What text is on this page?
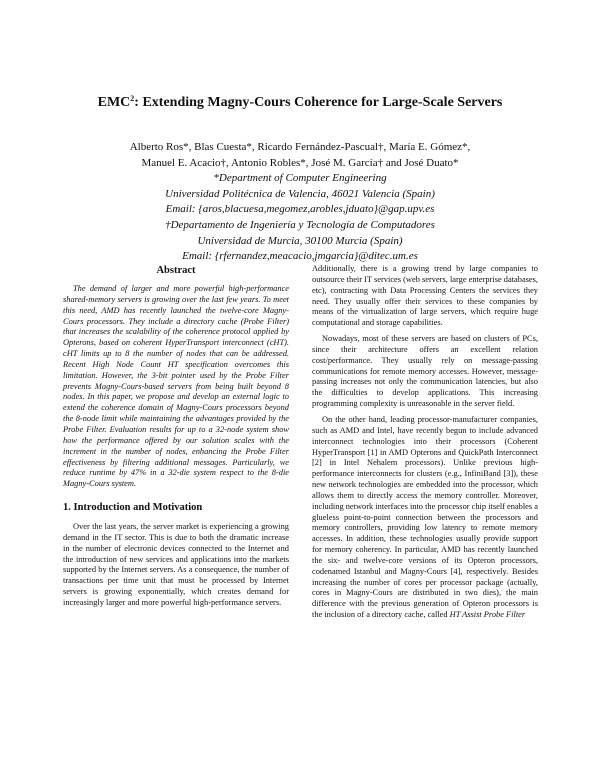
EMC$^2$: Extending Magny-Cours Coherence for Large-Scale Servers
Alberto Ros*, Blas Cuesta*, Ricardo Fernández-Pascual†, María E. Gómez*,
Manuel E. Acacio†, Antonio Robles*, José M. García† and José Duato*
*Department of Computer Engineering
Universidad Politécnica de Valencia, 46021 Valencia (Spain)
Email: {aros,blacuesa,megomez,arobles,jduato}@gap.upv.es
†Departamento de Ingeniería y Tecnología de Computadores
Universidad de Murcia, 30100 Murcia (Spain)
Email: {rfernandez,meacacio,jmgarcia}@ditec.um.es
Abstract

The demand of larger and more powerful high-performance shared-memory servers is growing over the last few years. To meet this need, AMD has recently launched the twelve-core Magny-Cours processors. They include a directory cache (Probe Filter) that increases the scalability of the coherence protocol applied by Opterons, based on coherent HyperTransport interconnect (cHT). cHT limits up to 8 the number of nodes that can be addressed. Recent High Node Count HT specification overcomes this limitation. However, the 3-bit pointer used by the Probe Filter prevents Magny-Cours-based servers from being built beyond 8 nodes. In this paper, we propose and develop an external logic to extend the coherence domain of Magny-Cours processors beyond the 8-node limit while maintaining the advantages provided by the Probe Filter. Evaluation results for up to a 32-node system show how the performance offered by our solution scales with the increment in the number of nodes, enhancing the Probe Filter effectiveness by filtering additional messages. Particularly, we reduce runtime by 47% in a 32-die system respect to the 8-die Magny-Cours system.

1. Introduction and Motivation

Over the last years, the server market is experiencing a growing demand in the IT sector. This is due to both the dramatic increase in the number of electronic devices connected to the Internet and the introduction of new services and applications into the markets supported by the Internet servers. As a consequence, the number of transactions per time unit that must be processed by Internet servers is growing exponentially, which creates demand for increasingly larger and more powerful high-performance servers.

Additionally, there is a growing trend by large companies to outsource their IT services (web servers, large enterprise databases, etc), contracting with Data Processing Centers the services they need. They usually offer their services to these companies by means of the virtualization of large servers, which require huge computational and storage capabilities.

Nowadays, most of these servers are based on clusters of PCs, since their architecture offers an excellent relation cost/performance. They usually rely on message-passing communications for remote memory accesses. However, message-passing increases not only the communication latencies, but also the difficulties to develop applications. This increasing programming complexity is unreasonable in the server field.

On the other hand, leading processor-manufacturer companies, such as AMD and Intel, have recently begun to include advanced interconnect technologies into their processors (Coherent HyperTransport [1] in AMD Opterons and QuickPath Interconnect [2] in Intel Nehalem processors). Unlike previous high-performance interconnects for clusters (e.g., InfiniBand [3]), these new network technologies are embedded into the processor, which allows them to directly access the memory controller. Moreover, including network interfaces into the processor chip itself enables a glueless point-to-point connection between the processors and memory controllers, providing low latency to remote memory accesses. In addition, these technologies usually provide support for memory coherency. In particular, AMD has recently launched the six- and twelve-core versions of its Opteron processors, codenamed Istanbul and Magny-Cours [4], respectively. Besides increasing the number of cores per processor package (actually, cores in Magny-Cours are distributed in two dies), the main difference with the previous generation of Opteron processors is the inclusion of a directory cache, called HT Assist Probe Filter
